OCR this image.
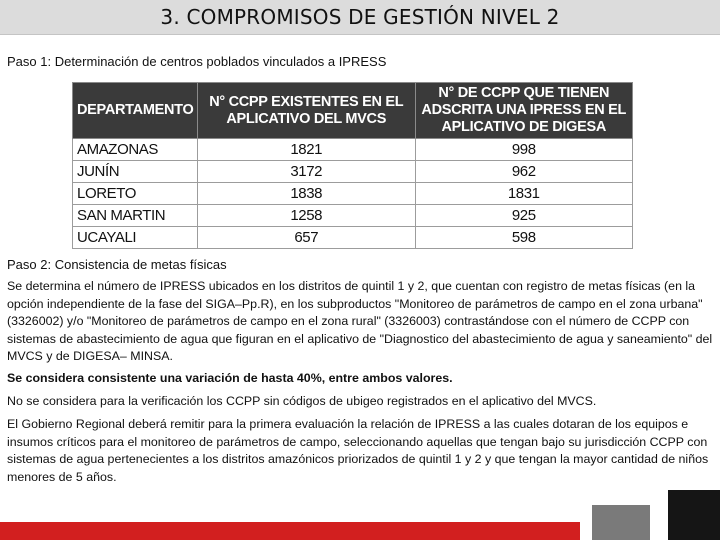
3. COMPROMISOS DE GESTIÓN NIVEL 2
Paso 1: Determinación de centros poblados vinculados a IPRESS
DEPARTAMENTO	N° CCPP EXISTENTES EN EL APLICATIVO DEL MVCS	N° DE CCPP QUE TIENEN ADSCRITA UNA IPRESS EN EL APLICATIVO DE DIGESA
AMAZONAS	1821	998
JUNÍN	3172	962
LORETO	1838	1831
SAN MARTIN	1258	925
UCAYALI	657	598
Paso 2: Consistencia de metas físicas

Se determina el número de IPRESS ubicados en los distritos de quintil 1 y 2, que cuentan con registro de metas físicas (en la opción independiente de la fase del SIGA–Pp.R), en los subproductos "Monitoreo de parámetros de campo en el zona urbana" (3326002) y/o "Monitoreo de parámetros de campo en el zona rural" (3326003) contrastándose con el número de CCPP con sistemas de abastecimiento de agua que figuran en el aplicativo de "Diagnostico del abastecimiento de agua y saneamiento" del MVCS y de DIGESA– MINSA.

Se considera consistente una variación de hasta 40%, entre ambos valores.

No se considera para la verificación los CCPP sin códigos de ubigeo registrados en el aplicativo del MVCS.

El Gobierno Regional deberá remitir para la primera evaluación la relación de IPRESS a las cuales dotaran de los equipos e insumos críticos para el monitoreo de parámetros de campo, seleccionando aquellas que tengan bajo su jurisdicción CCPP con sistemas de agua pertenecientes a los distritos amazónicos priorizados de quintil 1 y 2 y que tengan la mayor cantidad de niños menores de 5 años.
